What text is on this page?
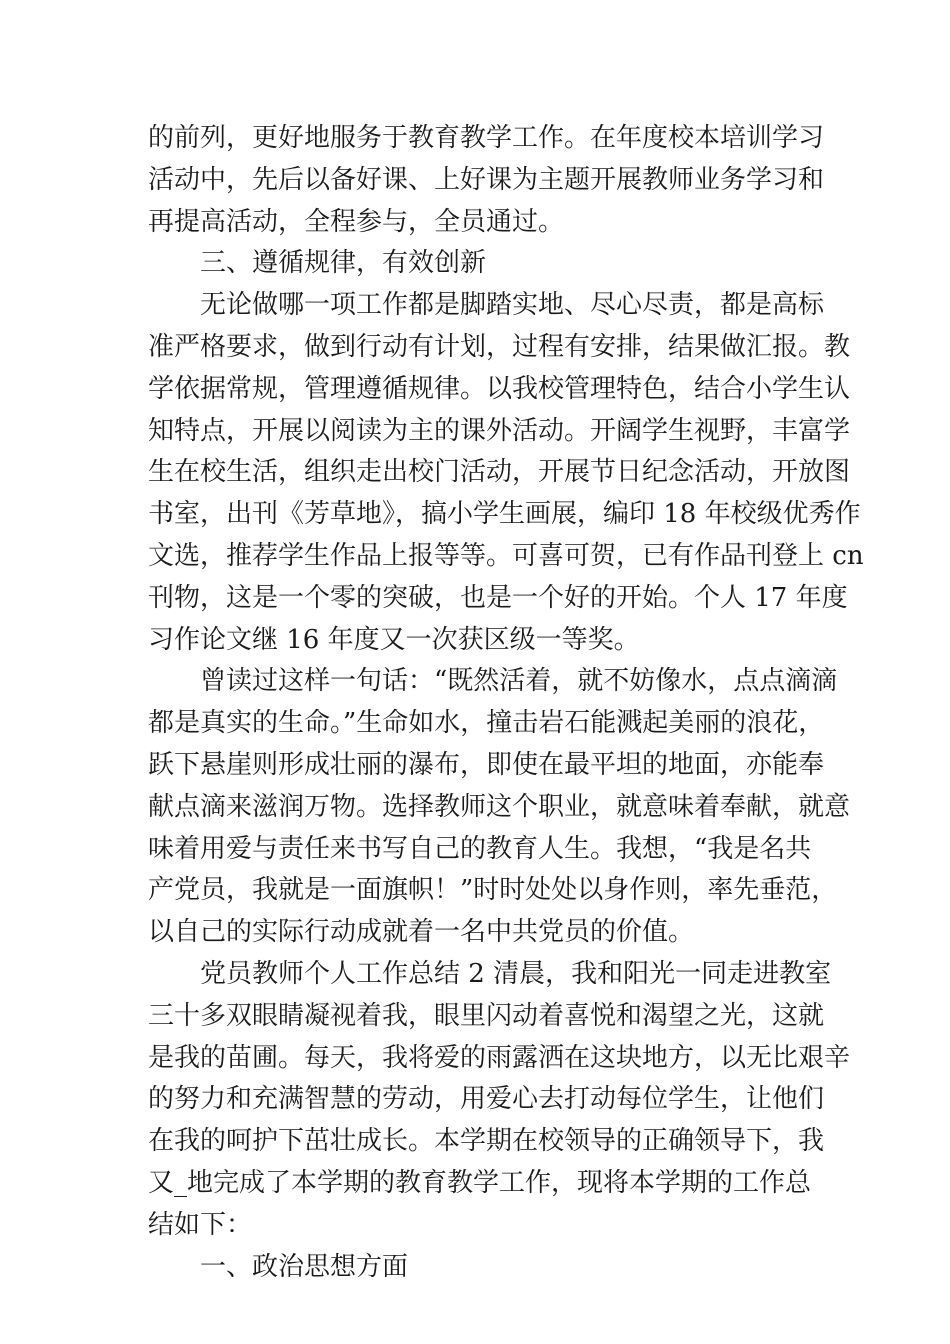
的前列，更好地服务于教育教学工作。在年度校本培训学习
活动中，先后以备好课、上好课为主题开展教师业务学习和
再提高活动，全程参与，全员通过。
三、遵循规律，有效创新
无论做哪一项工作都是脚踏实地、尽心尽责，都是高标
准严格要求，做到行动有计划，过程有安排，结果做汇报。教
学依据常规，管理遵循规律。以我校管理特色，结合小学生认
知特点，开展以阅读为主的课外活动。开阔学生视野，丰富学
生在校生活，组织走出校门活动，开展节日纪念活动，开放图
书室，出刊《芳草地》，搞小学生画展，编印 18 年校级优秀作
文选，推荐学生作品上报等等。可喜可贺，已有作品刊登上 cn
刊物，这是一个零的突破，也是一个好的开始。个人 17 年度
习作论文继 16 年度又一次获区级一等奖。
曾读过这样一句话：“既然活着，就不妨像水，点点滴滴
都是真实的生命。”生命如水，撞击岩石能溅起美丽的浪花，
跃下悬崖则形成壮丽的瀑布，即使在最平坦的地面，亦能奉
献点滴来滋润万物。选择教师这个职业，就意味着奉献，就意
味着用爱与责任来书写自己的教育人生。我想，“我是名共
产党员，我就是一面旗帜！”时时处处以身作则，率先垂范，
以自己的实际行动成就着一名中共党员的价值。
党员教师个人工作总结 2 清晨，我和阳光一同走进教室
三十多双眼睛凝视着我，眼里闪动着喜悦和渴望之光，这就
是我的苗圃。每天，我将爱的雨露洒在这块地方，以无比艰辛
的努力和充满智慧的劳动，用爱心去打动每位学生，让他们
在我的呵护下茁壮成长。本学期在校领导的正确领导下，我
又_地完成了本学期的教育教学工作，现将本学期的工作总
结如下：
一、政治思想方面
